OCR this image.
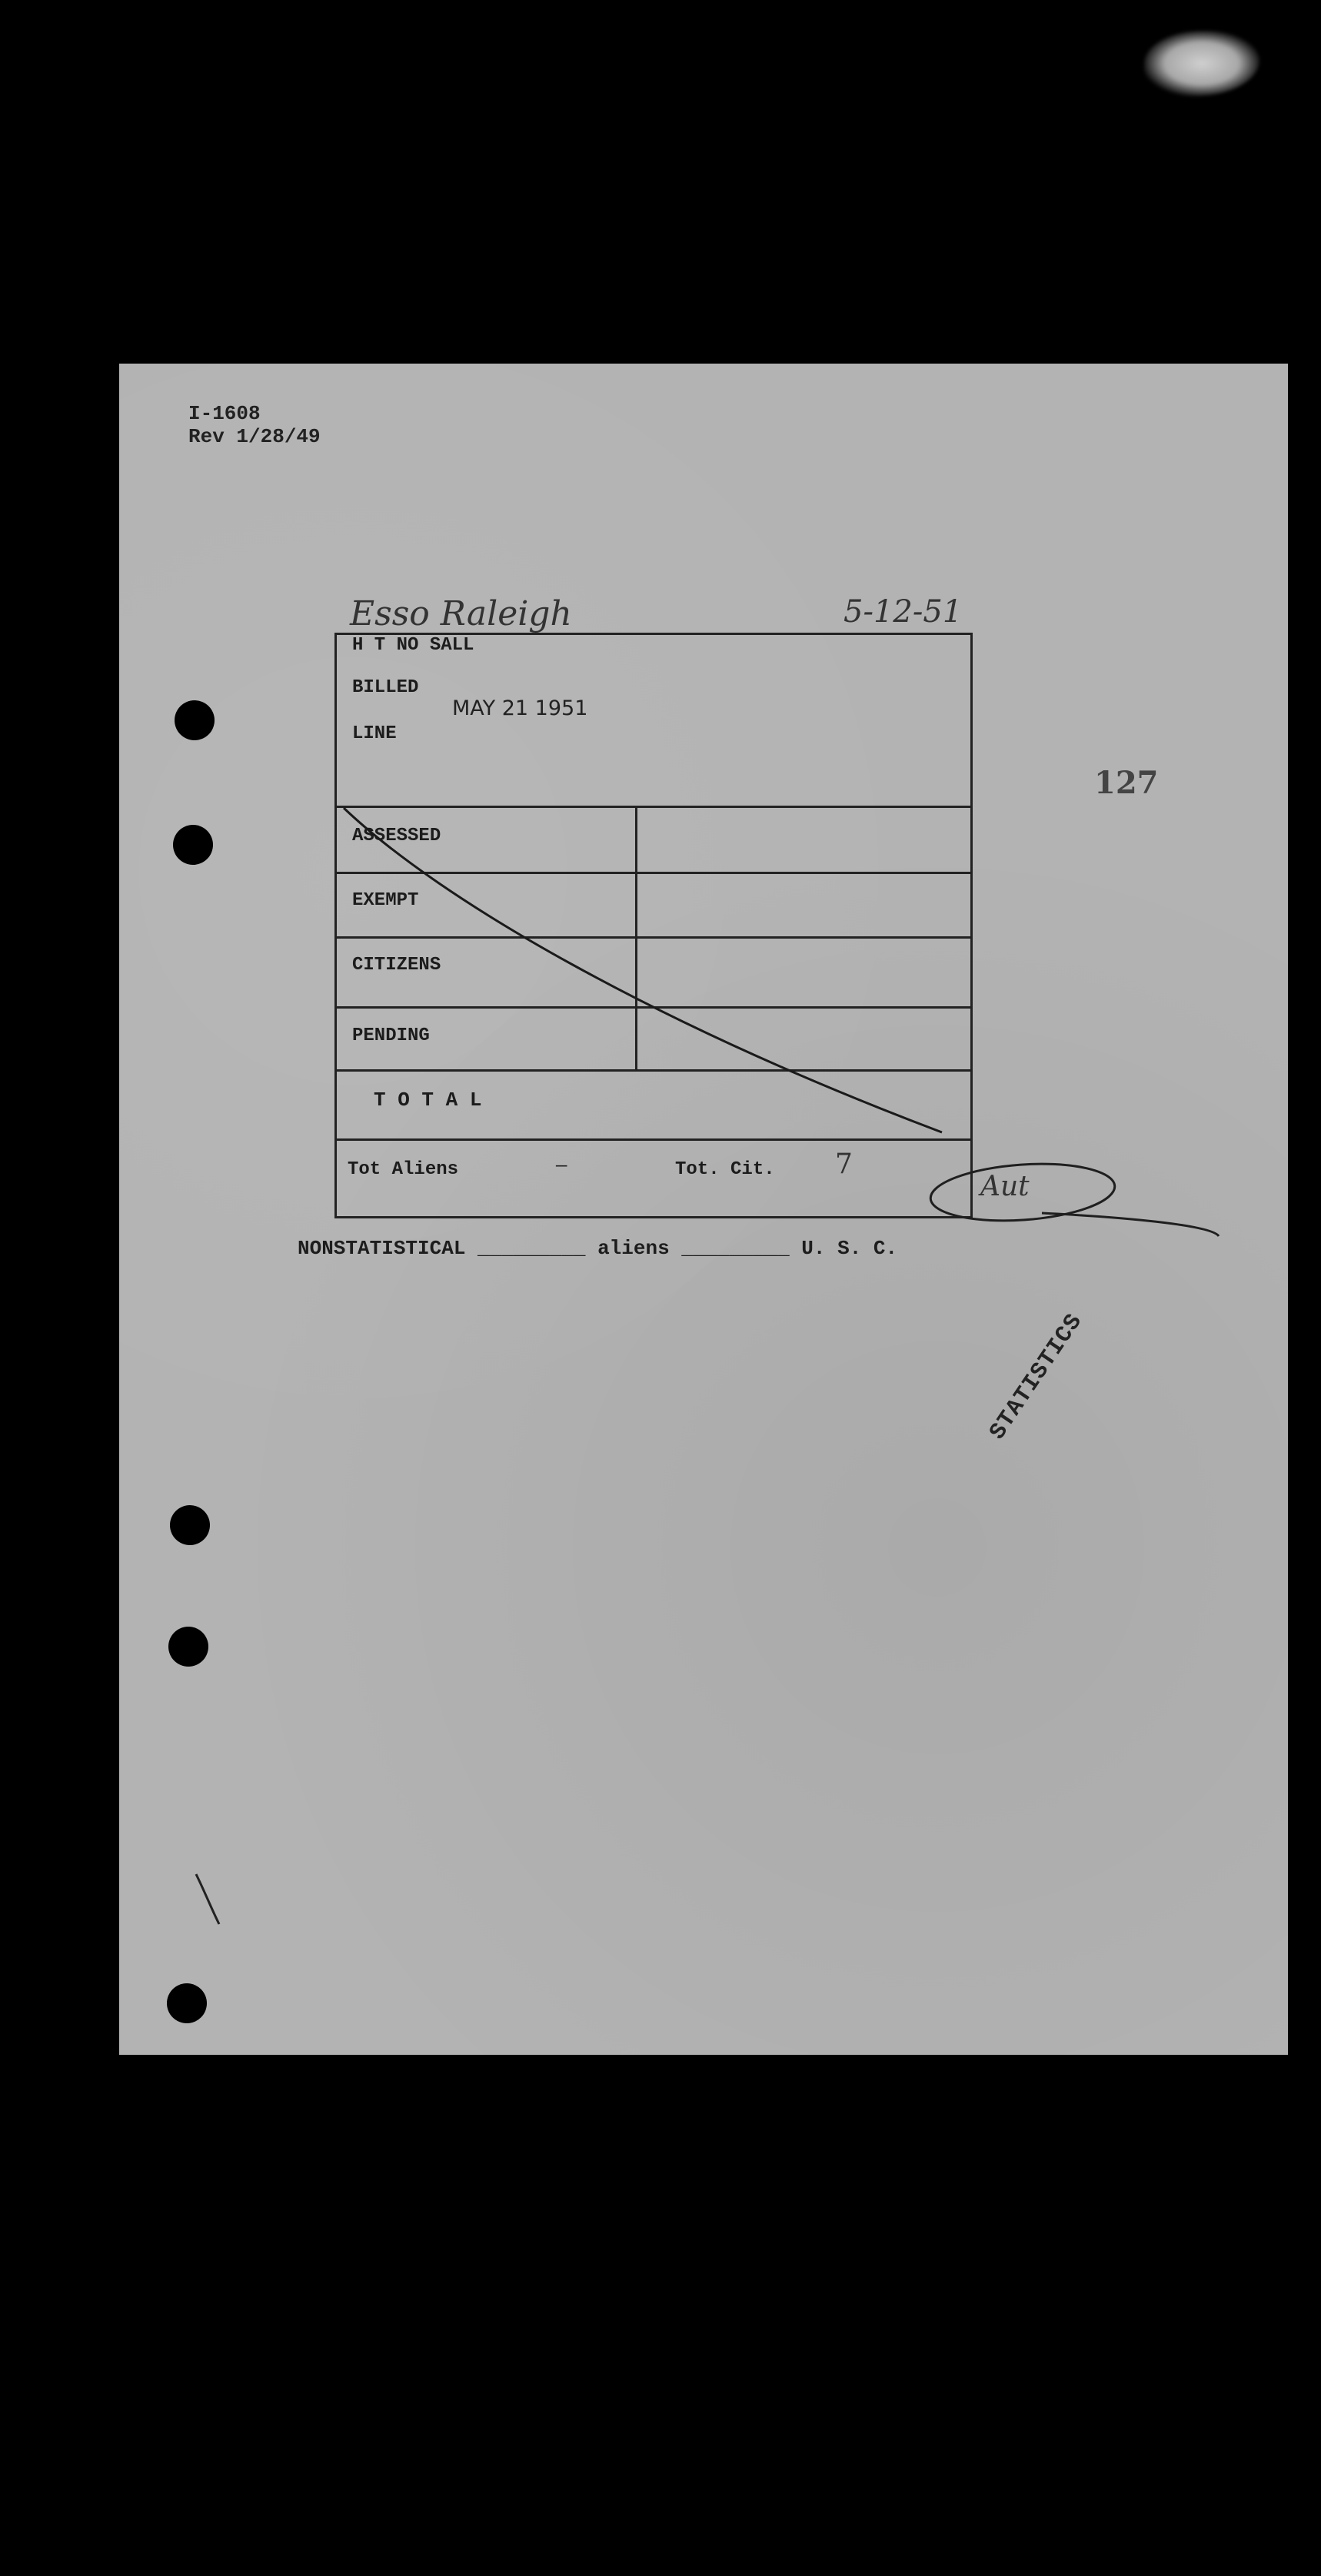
I-1608
Rev 1/28/49
Esso Raleigh	5-12-51
127
H T NO SALL
BILLED
MAY 21 1951
LINE
ASSESSED
EXEMPT
CITIZENS
PENDING
T O T A L
Tot Aliens	—	Tot. Cit. 7
Aut
NONSTATISTICAL _________ aliens _________ U. S. C.
STATISTICS
